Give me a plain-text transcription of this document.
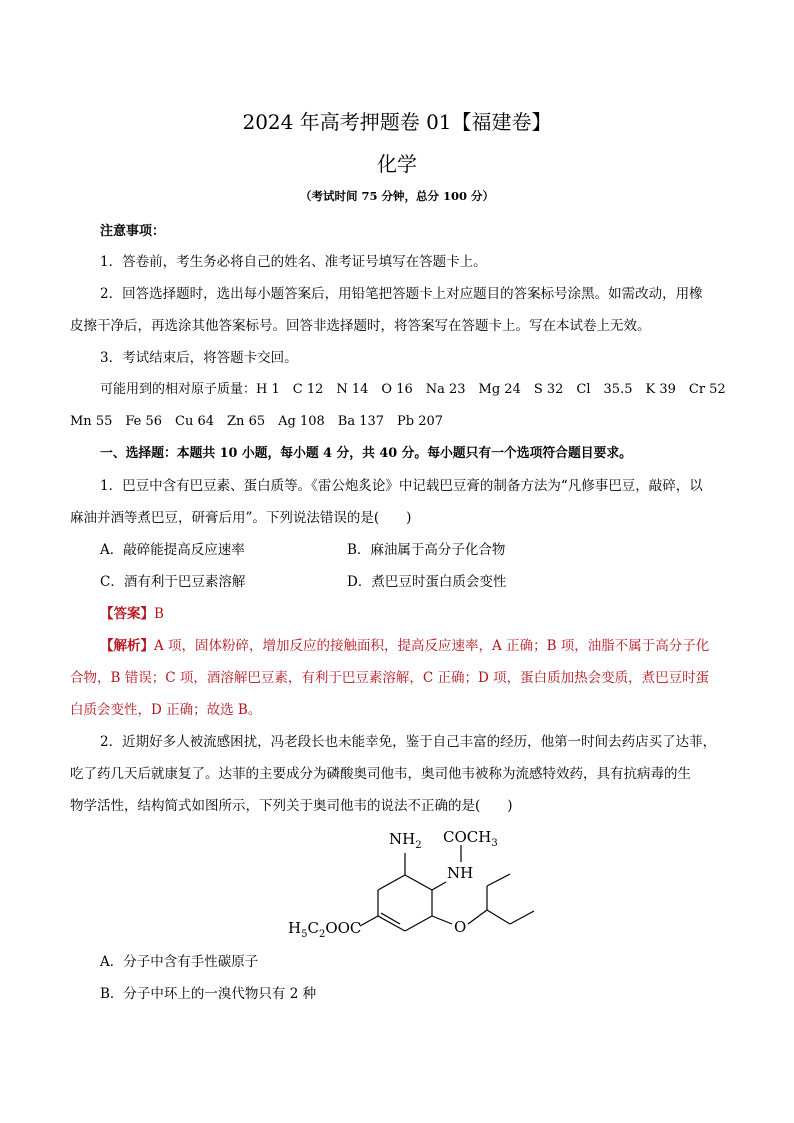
2024 年高考押题卷 01【福建卷】
化学
（考试时间 75 分钟，总分 100 分）
注意事项：
1．答卷前，考生务必将自己的姓名、准考证号填写在答题卡上。
2．回答选择题时，选出每小题答案后，用铅笔把答题卡上对应题目的答案标号涂黑。如需改动，用橡
皮擦干净后，再选涂其他答案标号。回答非选择题时，将答案写在答题卡上。写在本试卷上无效。
3．考试结束后，将答题卡交回。
可能用到的相对原子质量：H 1　C 12　N 14　O 16　Na 23　Mg 24　S 32　Cl　35.5　K 39　Cr 52
Mn 55　Fe 56　Cu 64　Zn 65　Ag 108　Ba 137　Pb 207
一、选择题：本题共 10 小题，每小题 4 分，共 40 分。每小题只有一个选项符合题目要求。
1．巴豆中含有巴豆素、蛋白质等。《雷公炮炙论》中记载巴豆膏的制备方法为“凡修事巴豆，敲碎，以
麻油并酒等煮巴豆，研膏后用”。下列说法错误的是(　　)
A．敲碎能提高反应速率	B．麻油属于高分子化合物
C．酒有利于巴豆素溶解	D．煮巴豆时蛋白质会变性
【答案】B
【解析】A 项，固体粉碎，增加反应的接触面积，提高反应速率，A 正确；B 项，油脂不属于高分子化
合物，B 错误；C 项，酒溶解巴豆素，有利于巴豆素溶解，C 正确；D 项，蛋白质加热会变质，煮巴豆时蛋
白质会变性，D 正确；故选 B。
2．近期好多人被流感困扰，冯老段长也未能幸免，鉴于自己丰富的经历，他第一时间去药店买了达菲，
吃了药几天后就康复了。达菲的主要成分为磷酸奥司他韦，奥司他韦被称为流感特效药，具有抗病毒的生
物学活性，结构简式如图所示，下列关于奥司他韦的说法不正确的是(　　)
$NH_2$ $COCH_3$
NH
O
$H_5C_2OOC$
A．分子中含有手性碳原子
B．分子中环上的一溴代物只有 2 种
